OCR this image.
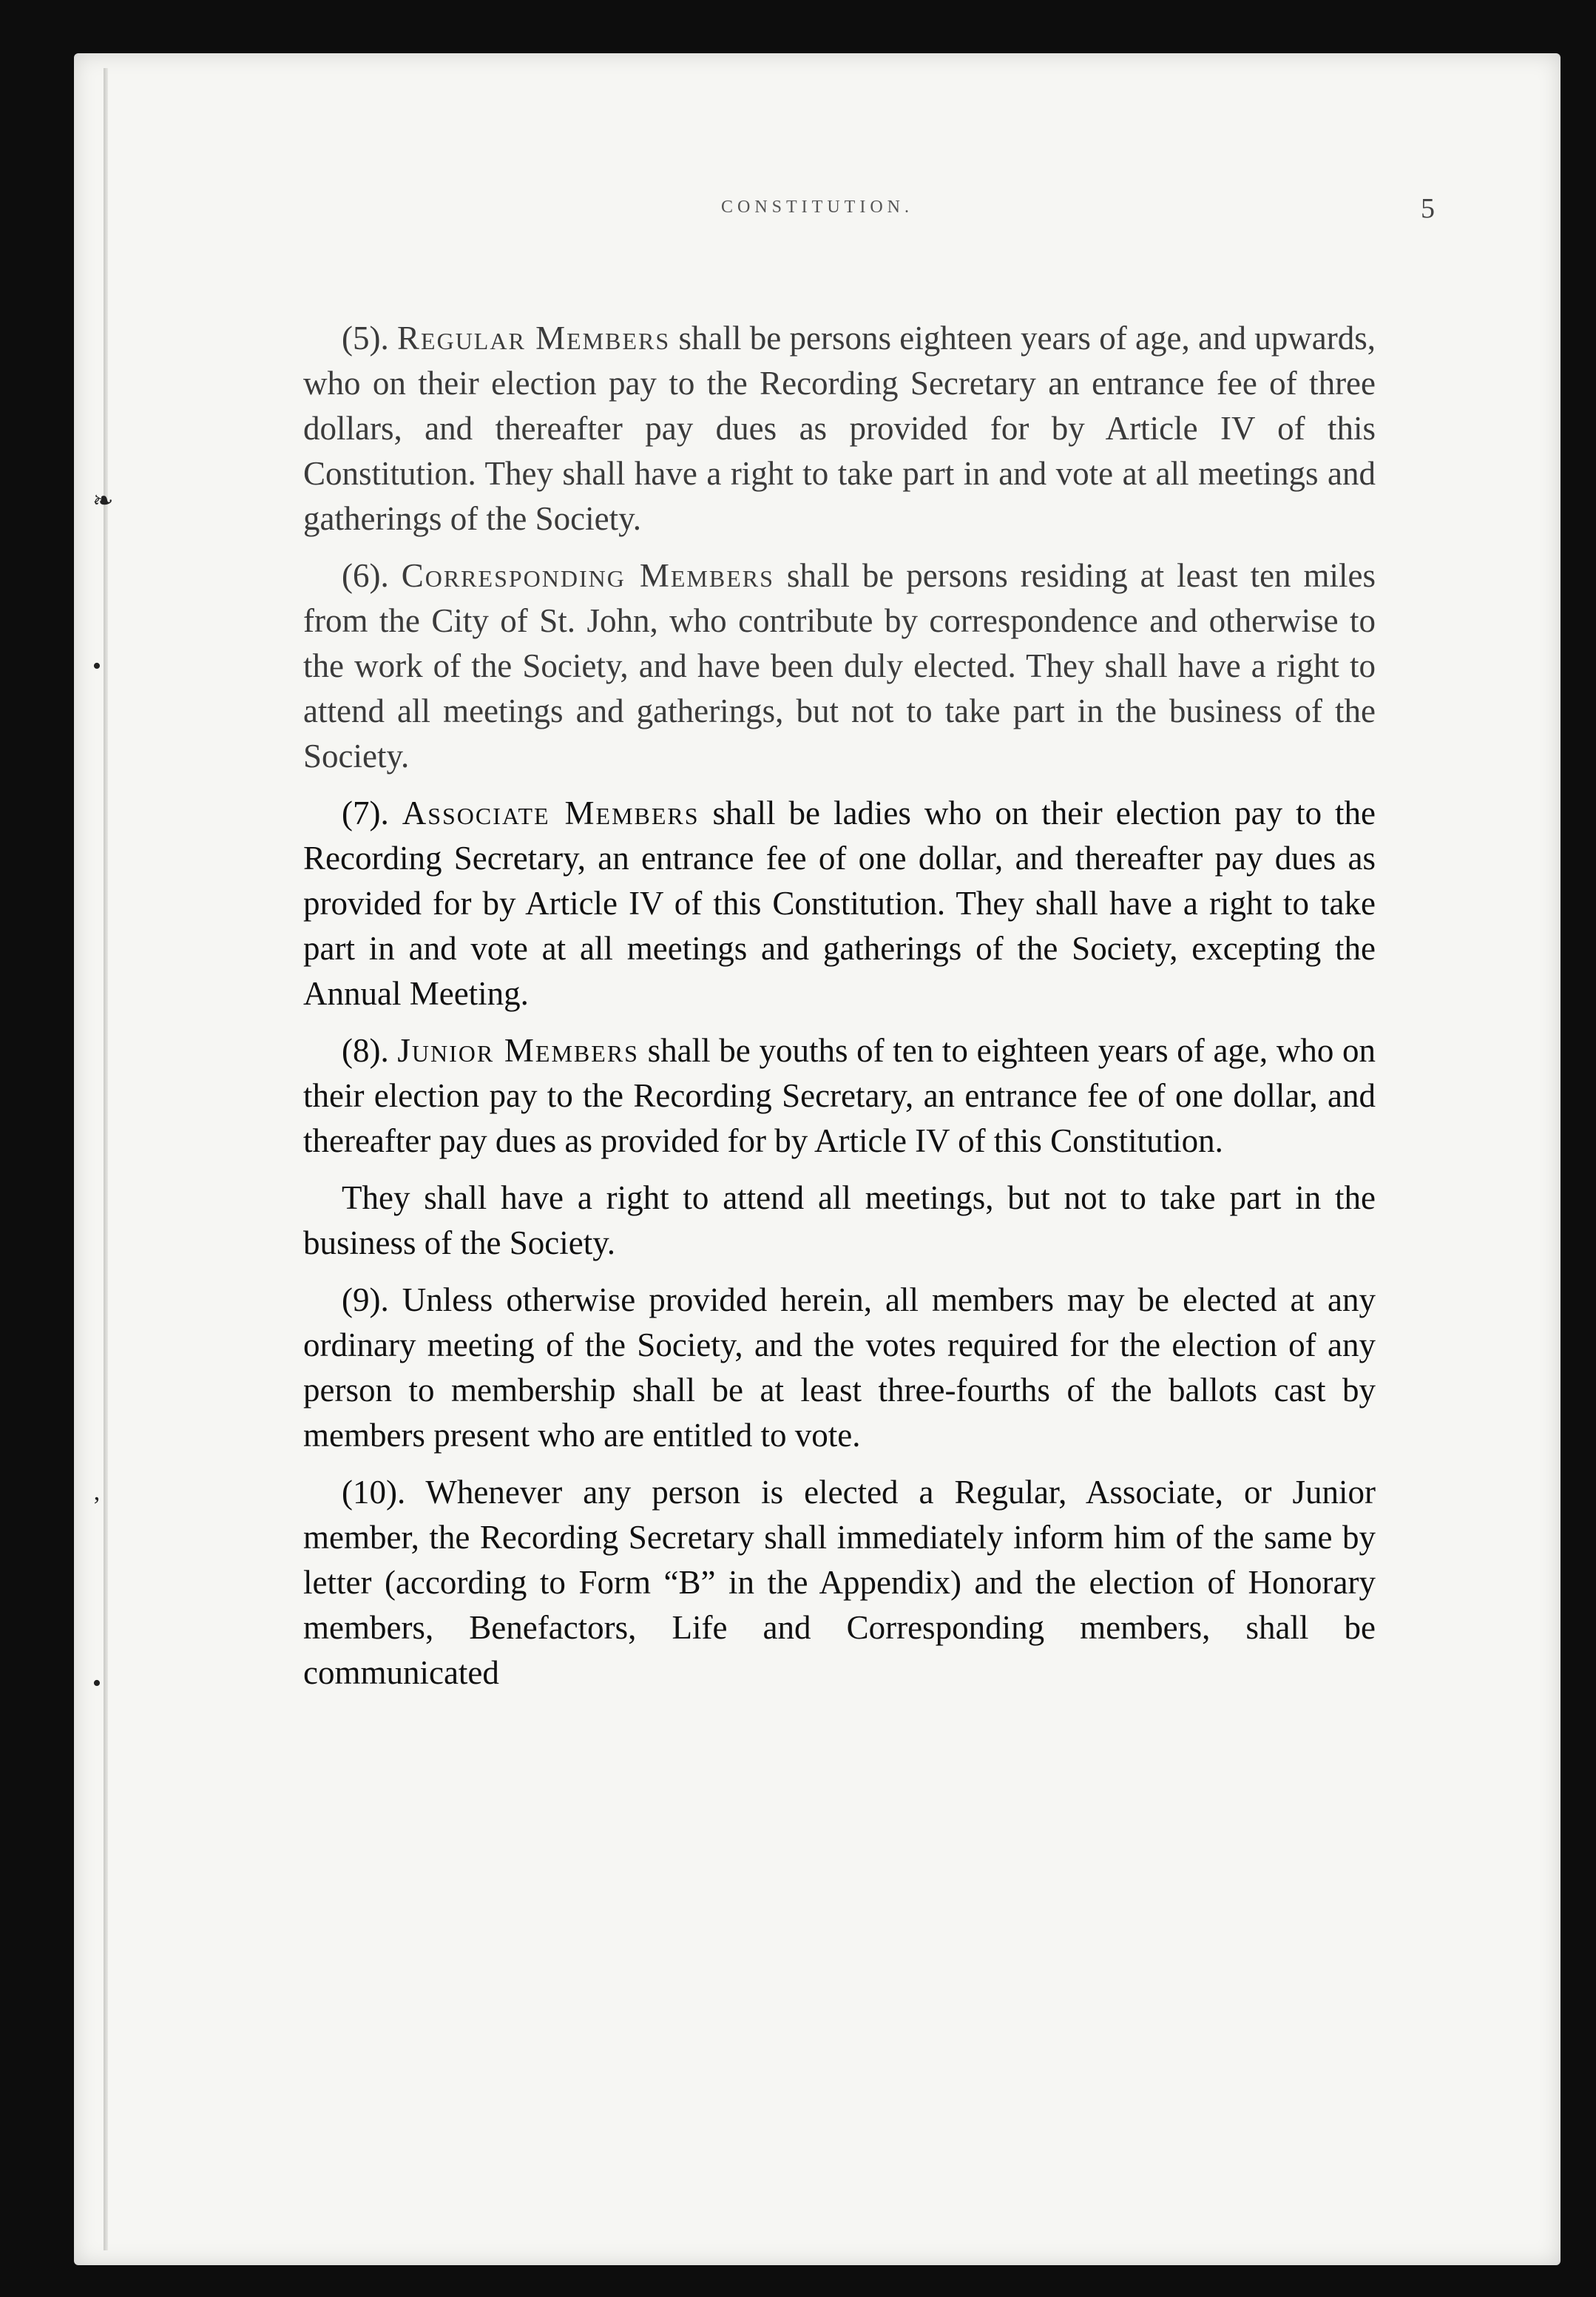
❧
•
’
•
CONSTITUTION.	5

(5). Regular Members shall be persons eighteen years of age, and upwards, who on their election pay to the Recording Secretary an entrance fee of three dollars, and thereafter pay dues as provided for by Article IV of this Constitution. They shall have a right to take part in and vote at all meetings and gatherings of the Society.

(6). Corresponding Members shall be persons residing at least ten miles from the City of St. John, who contribute by correspondence and otherwise to the work of the Society, and have been duly elected. They shall have a right to attend all meetings and gatherings, but not to take part in the business of the Society.

(7). Associate Members shall be ladies who on their election pay to the Recording Secretary, an entrance fee of one dollar, and thereafter pay dues as provided for by Article IV of this Constitution. They shall have a right to take part in and vote at all meetings and gatherings of the Society, excepting the Annual Meeting.

(8). Junior Members shall be youths of ten to eighteen years of age, who on their election pay to the Recording Secretary, an entrance fee of one dollar, and thereafter pay dues as provided for by Article IV of this Constitution.

They shall have a right to attend all meetings, but not to take part in the business of the Society.

(9). Unless otherwise provided herein, all members may be elected at any ordinary meeting of the Society, and the votes required for the election of any person to membership shall be at least three-fourths of the ballots cast by members present who are entitled to vote.

(10). Whenever any person is elected a Regular, Associate, or Junior member, the Recording Secretary shall immediately inform him of the same by letter (according to Form “B” in the Appendix) and the election of Honorary members, Benefactors, Life and Corresponding members, shall be communicated
